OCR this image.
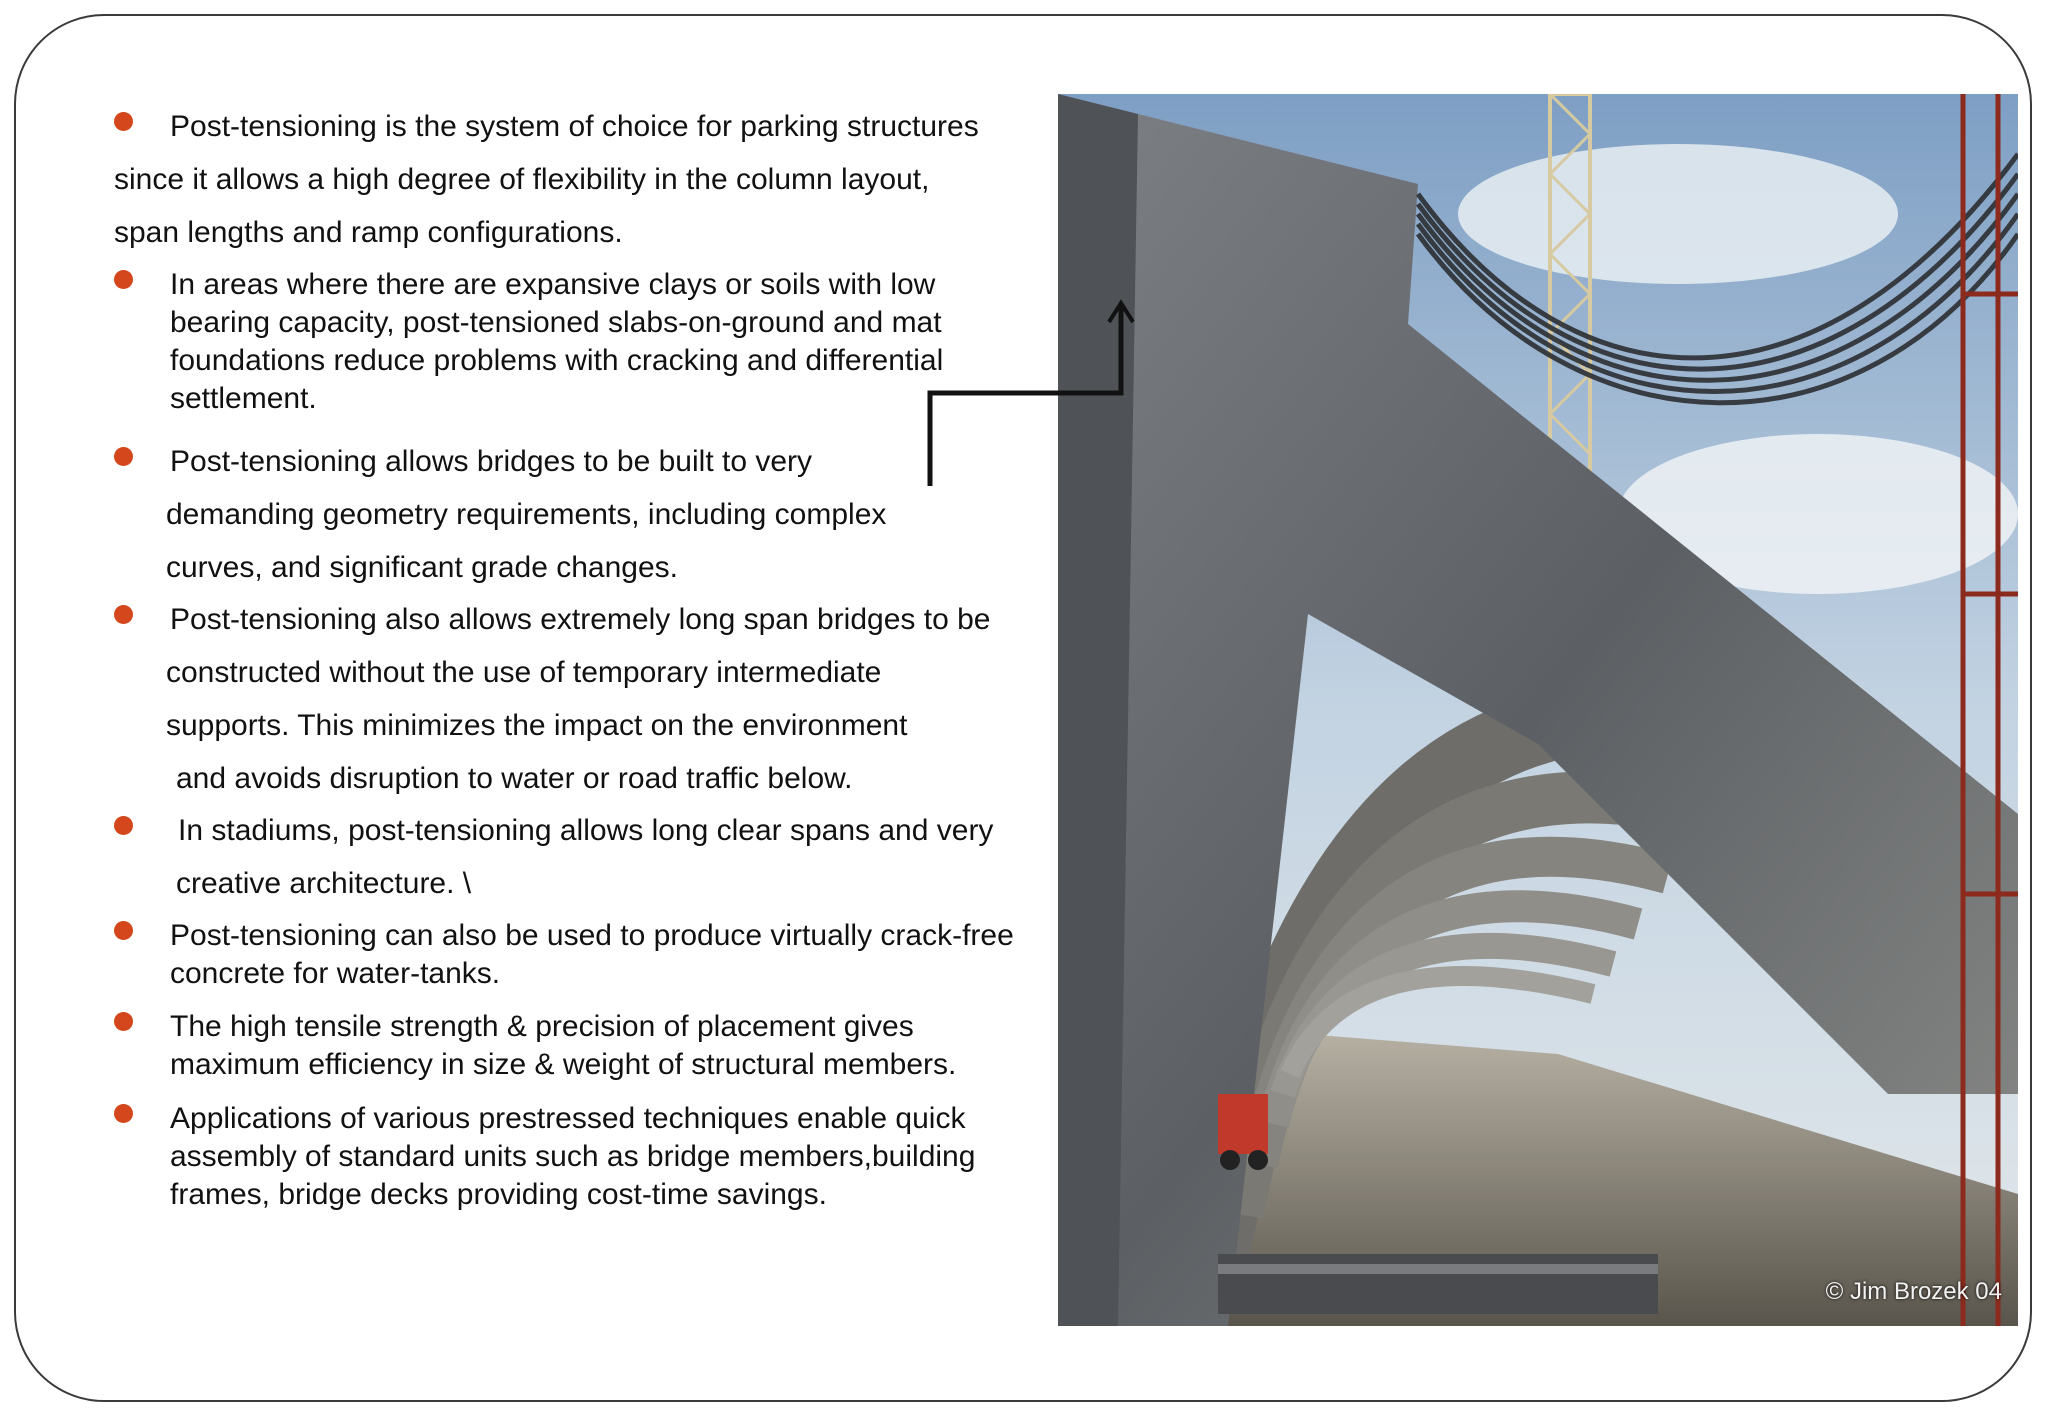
Post-tensioning is the system of choice for parking structures
since it allows a high degree of flexibility in the column layout,
span lengths and ramp configurations.
In areas where there are expansive clays or soils with low
bearing capacity, post-tensioned slabs-on-ground and mat
foundations reduce problems with cracking and differential
settlement.
Post-tensioning allows bridges to be built to very
demanding geometry requirements, including complex
curves, and significant grade changes.
Post-tensioning also allows extremely long span bridges to be
constructed without the use of temporary intermediate
supports. This minimizes the impact on the environment
and avoids disruption to water or road traffic below.
In stadiums, post-tensioning allows long clear spans and very
creative architecture. \
Post-tensioning can also be used to produce virtually crack-free
concrete for water-tanks.
The high tensile strength & precision of placement gives
maximum efficiency in size & weight of structural members.
Applications of various prestressed techniques enable quick
assembly of standard units such as bridge members,building
frames, bridge decks providing cost-time savings.
© Jim Brozek 04
